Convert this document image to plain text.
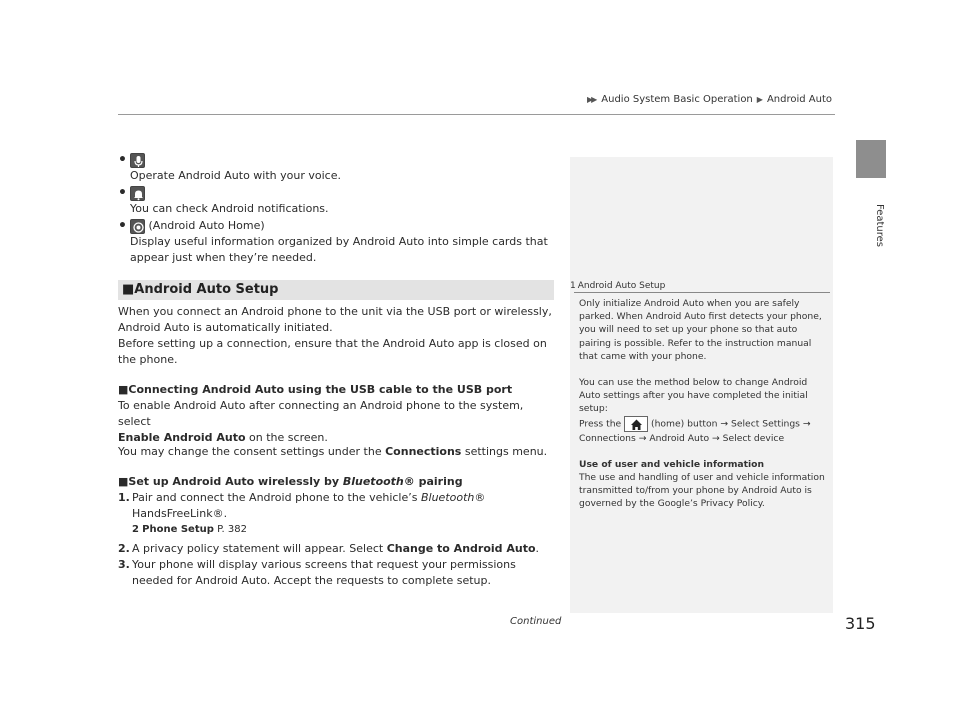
▶▶ Audio System Basic Operation ▶ Android Auto
Features
•

Operate Android Auto with your voice.
•

You can check Android notifications.
•	(Android Auto Home)
Display useful information organized by Android Auto into simple cards that appear just when they’re needed.
■Android Auto Setup
When you connect an Android phone to the unit via the USB port or wirelessly, Android Auto is automatically initiated.
Before setting up a connection, ensure that the Android Auto app is closed on the phone.
■Connecting Android Auto using the USB cable to the USB port
To enable Android Auto after connecting an Android phone to the system, select
Enable Android Auto on the screen.
You may change the consent settings under the Connections settings menu.
■Set up Android Auto wirelessly by Bluetooth® pairing
1. Pair and connect the Android phone to the vehicle’s Bluetooth® HandsFreeLink®.
2 Phone Setup P. 382
2. A privacy policy statement will appear. Select Change to Android Auto.
3. Your phone will display various screens that request your permissions needed for Android Auto. Accept the requests to complete setup.
1 Android Auto Setup

Only initialize Android Auto when you are safely parked. When Android Auto first detects your phone, you will need to set up your phone so that auto pairing is possible. Refer to the instruction manual that came with your phone.

You can use the method below to change Android Auto settings after you have completed the initial setup:
Press the	(home) button → Select Settings →
Connections → Android Auto → Select device

Use of user and vehicle information
The use and handling of user and vehicle information transmitted to/from your phone by Android Auto is governed by the Google’s Privacy Policy.

Continued	315
